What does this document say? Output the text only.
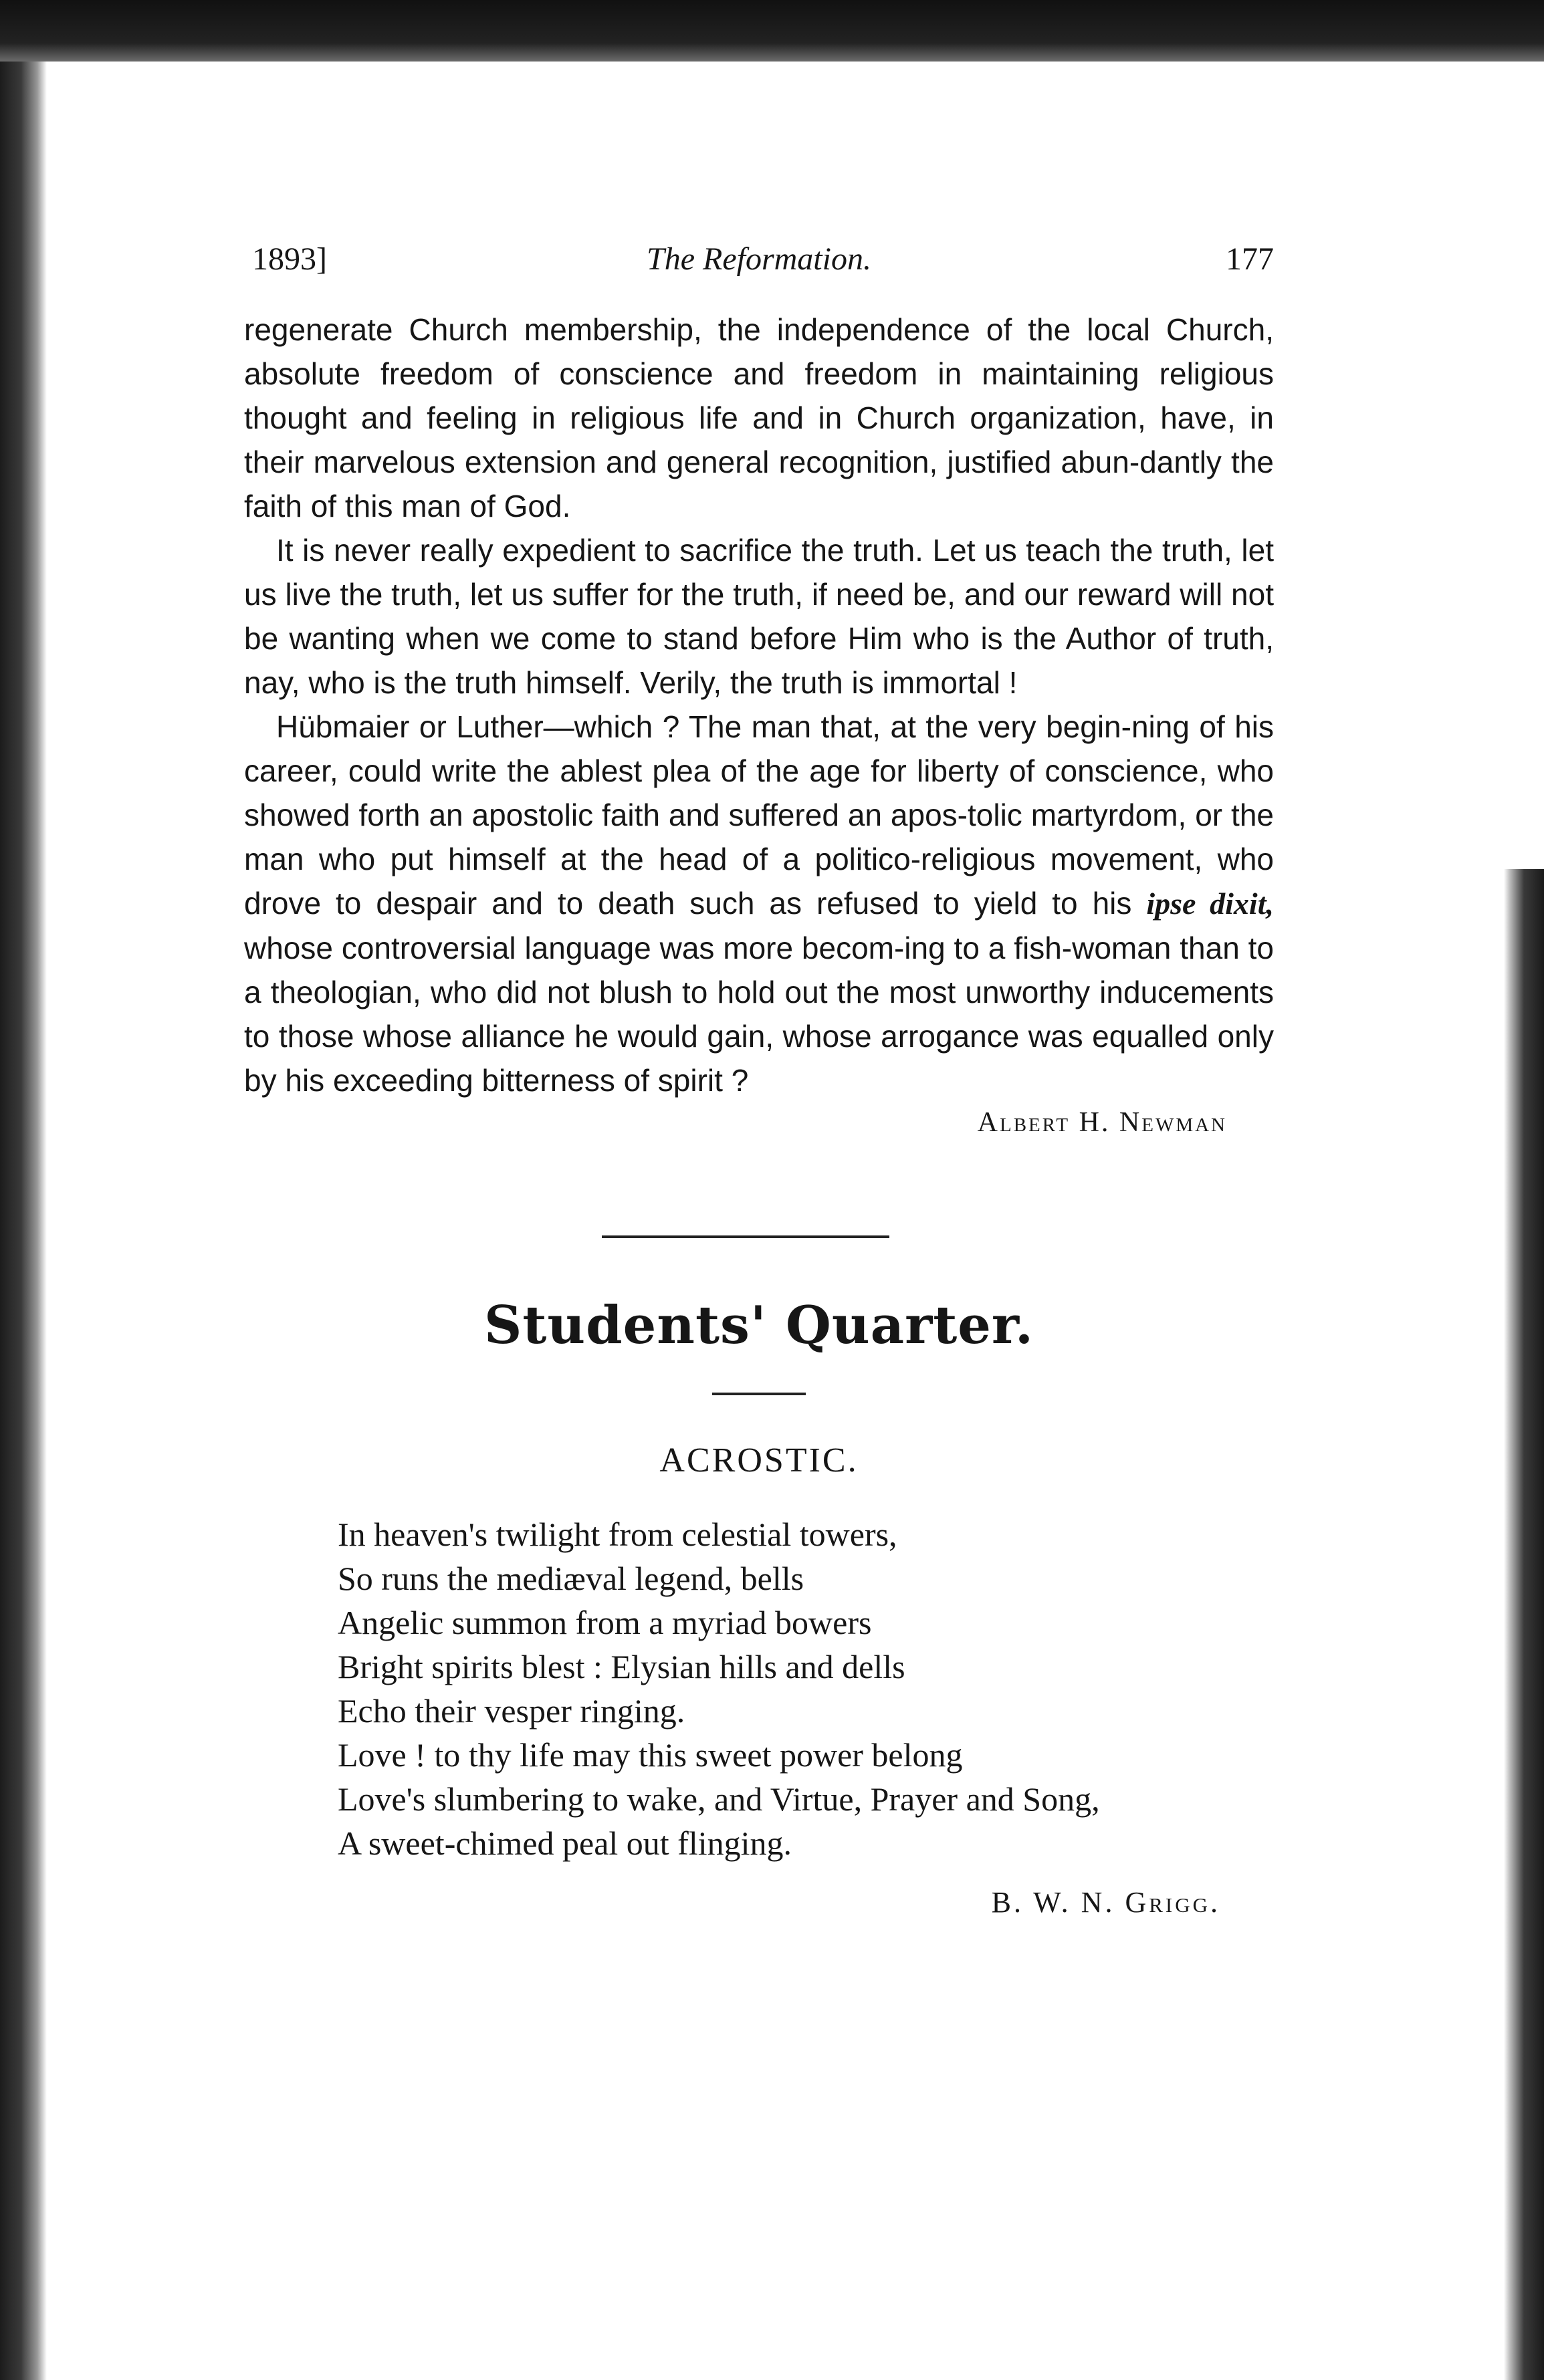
1893]	The Reformation.	177

regenerate Church membership, the independence of the local Church, absolute freedom of conscience and freedom in maintaining religious thought and feeling in religious life and in Church organization, have, in their marvelous extension and general recognition, justified abun-dantly the faith of this man of God.

It is never really expedient to sacrifice the truth. Let us teach the truth, let us live the truth, let us suffer for the truth, if need be, and our reward will not be wanting when we come to stand before Him who is the Author of truth, nay, who is the truth himself. Verily, the truth is immortal !

Hübmaier or Luther—which ? The man that, at the very begin-ning of his career, could write the ablest plea of the age for liberty of conscience, who showed forth an apostolic faith and suffered an apos-tolic martyrdom, or the man who put himself at the head of a politico-religious movement, who drove to despair and to death such as refused to yield to his ipse dixit, whose controversial language was more becom-ing to a fish-woman than to a theologian, who did not blush to hold out the most unworthy inducements to those whose alliance he would gain, whose arrogance was equalled only by his exceeding bitterness of spirit ?

Albert H. Newman
Students' Quarter.
ACROSTIC.
In heaven's twilight from celestial towers,
So runs the mediæval legend, bells
Angelic summon from a myriad bowers
Bright spirits blest : Elysian hills and dells
Echo their vesper ringing.
Love ! to thy life may this sweet power belong
Love's slumbering to wake, and Virtue, Prayer and Song,
A sweet-chimed peal out flinging.
B. W. N. Grigg.
